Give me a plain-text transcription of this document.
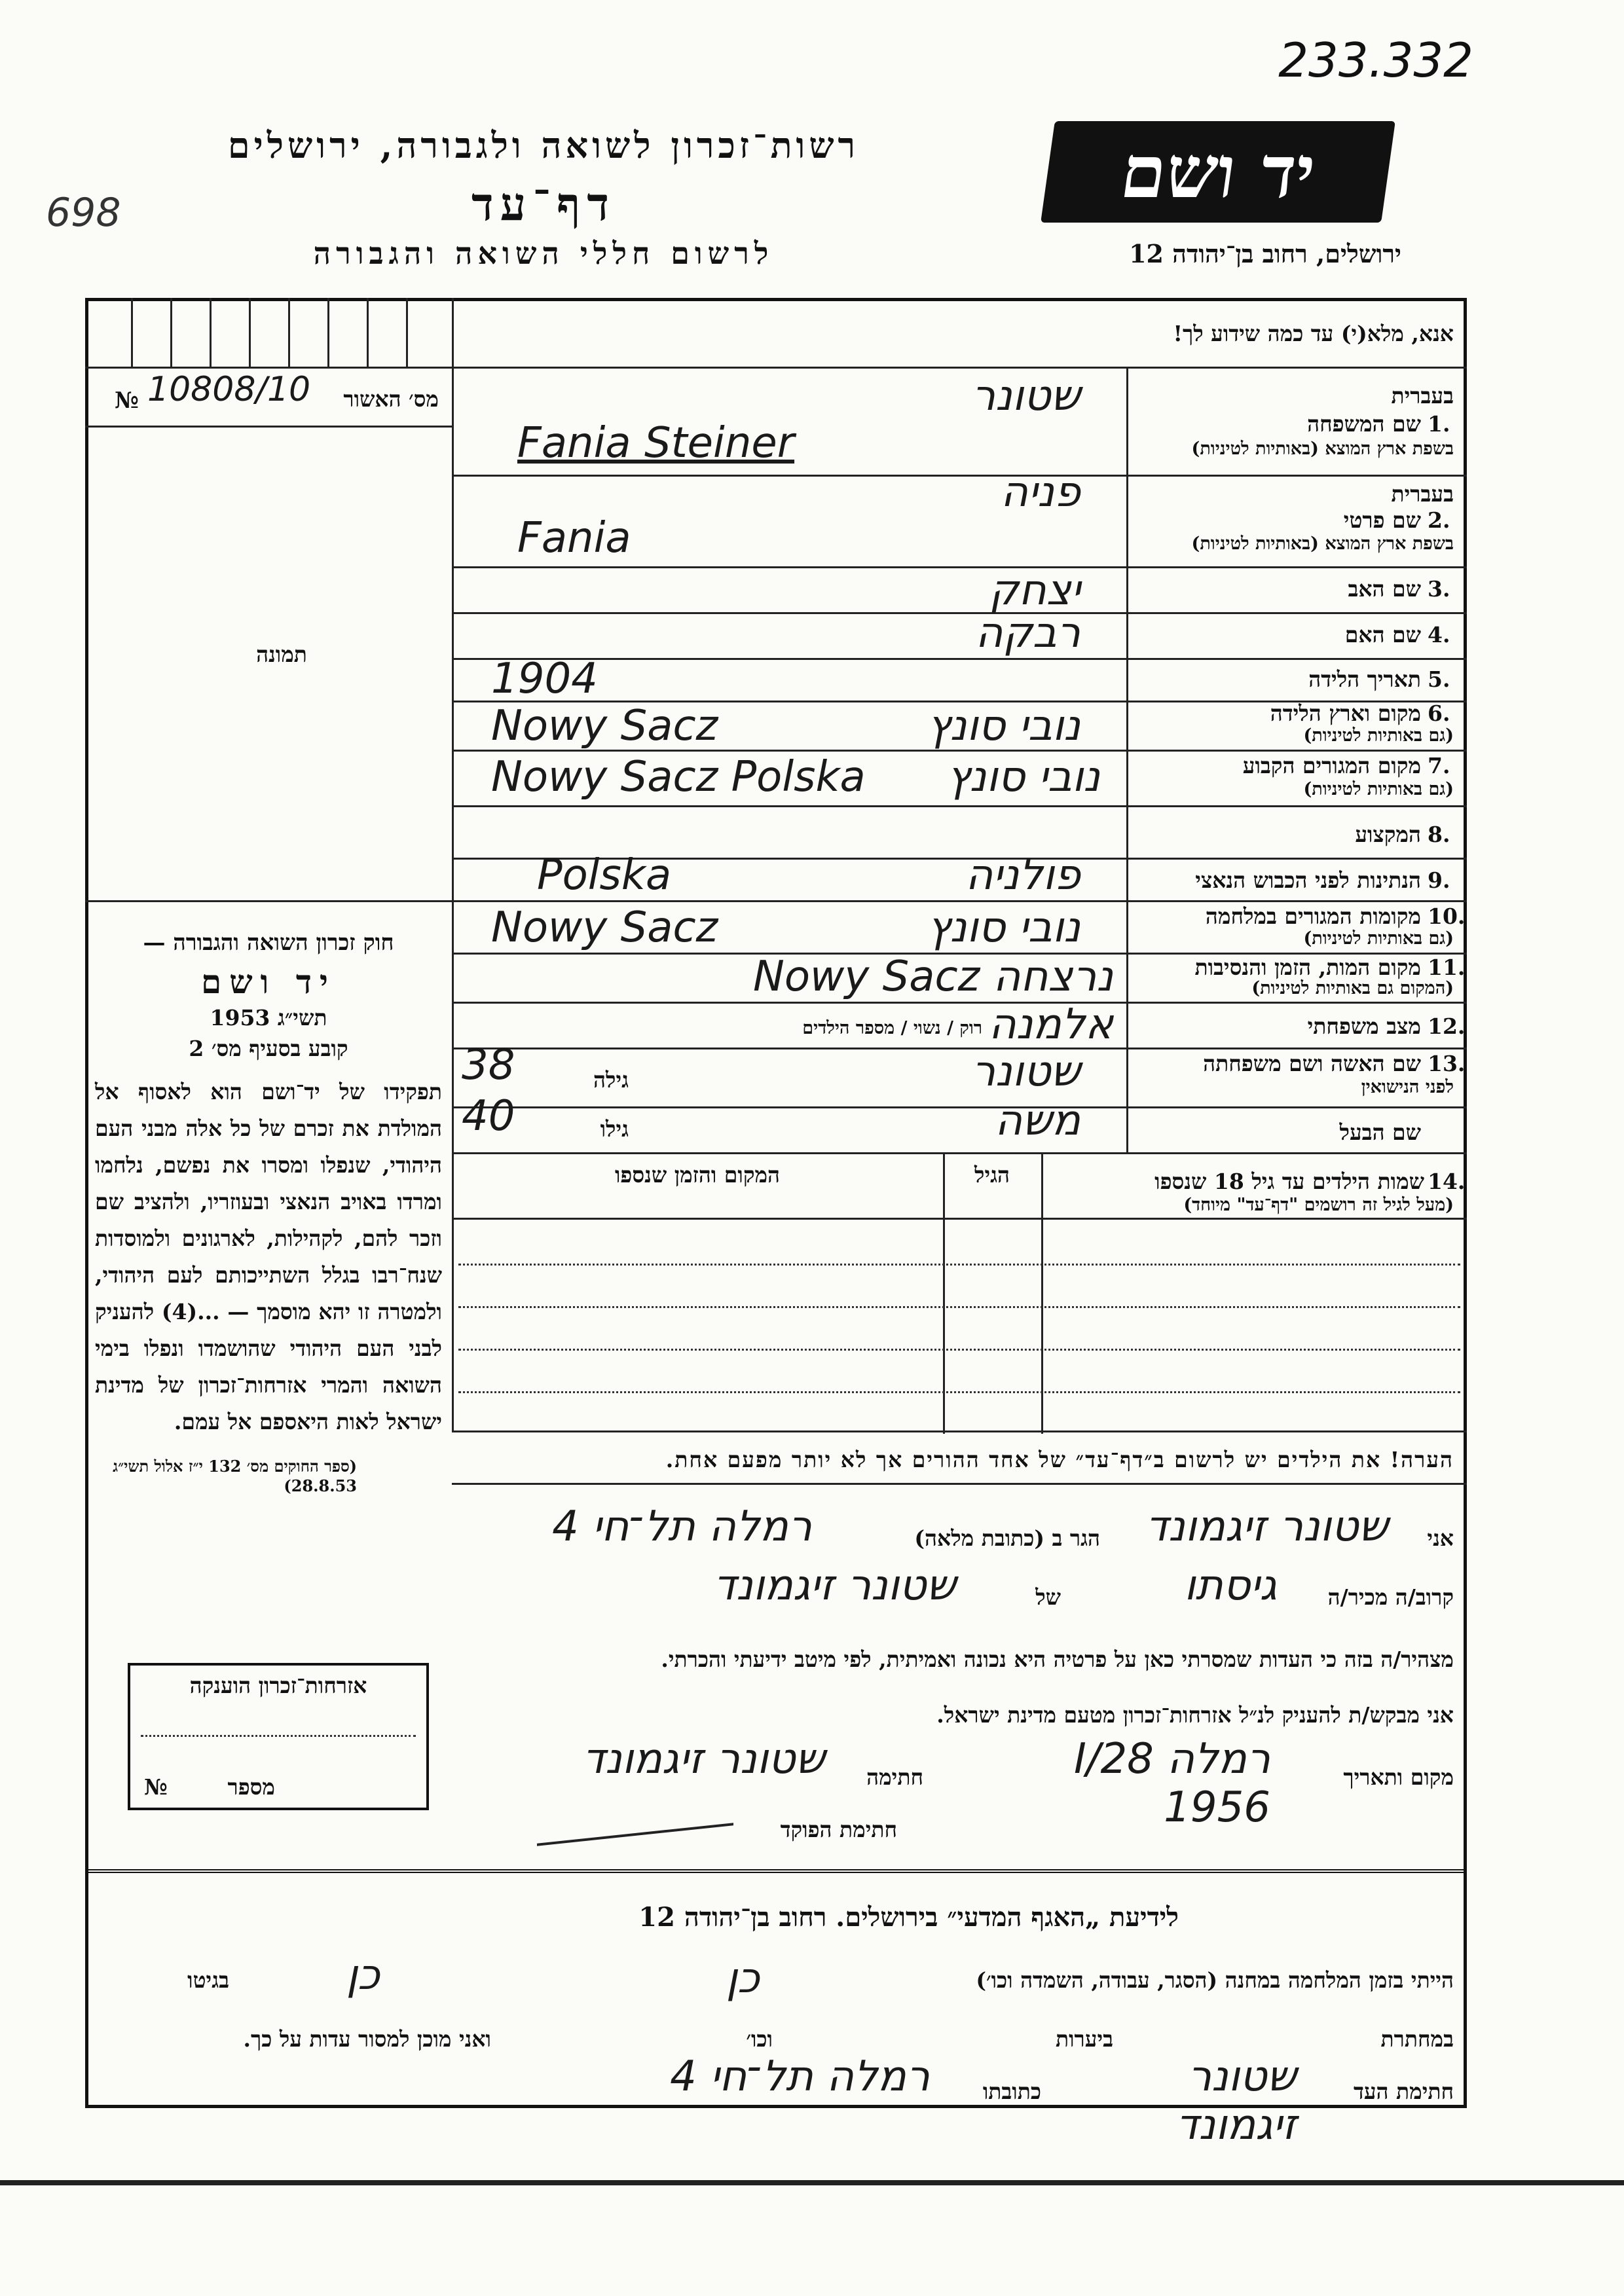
233.332
698	יד ושם
רשות־זכרון לשואה ולגבורה, ירושלים
דף־עד
לרשום חללי השואה והגבורה	ירושלים, רחוב בן־יהודה 12
מס׳ האשור
№ 10808/10
תמונה
חוק זכרון השואה והגבורה —
יד ושם
תשי״ג 1953
קובע בסעיף מס׳ 2
תפקידו של יד־ושם הוא לאסוף אל המולדת את זכרם של כל אלה מבני העם היהודי, שנפלו ומסרו את נפשם, נלחמו ומרדו באויב הנאצי ובעוזריו, ולהציב שם וזכר להם, לקהילות, לארגונים ולמוסדות שנח־רבו בגלל השתייכותם לעם היהודי, ולמטרה זו יהא מוסמך — ...(4) להעניק לבני העם היהודי שהושמדו ונפלו בימי השואה והמרי אזרחות־זכרון של מדינת ישראל לאות היאספם אל עמם.
(ספר החוקים מס׳ 132 י״ז אלול תשי״ג 28.8.53)
אנא, מלא(י) עד כמה שידוע לך!
בעברית
1.
שם המשפחה
בשפת ארץ המוצא (באותיות לטיניות)
שטונר
Fania Steiner
בעברית
2.
שם פרטי
בשפת ארץ המוצא (באותיות לטיניות)
פניה
Fania
3.
שם האב
יצחק
4.
שם האם
רבקה
5.
תאריך הלידה
1904
6.
מקום וארץ הלידה
(גם באותיות לטיניות)
Nowy Sacz	נובי סונץ
7.
מקום המגורים הקבוע
(גם באותיות לטיניות)
Nowy Sacz Polska	נובי סונץ
8.
המקצוע
9.
הנתינות לפני הכבוש הנאצי
Polska	פולניה
10.
מקומות המגורים במלחמה
(גם באותיות לטיניות)
Nowy Sacz	נובי סונץ
11.
מקום המות, הזמן והנסיבות
(המקום גם באותיות לטיניות)
Nowy Sacz נרצחה
12.
מצב משפחתי
רוק / נשוי / מספר הילדים אלמנה
13.
שם האשה ושם משפחתה
לפני הנישואין
גילה
38	שטונר
שם הבעל
גילו
40	משה
14.
שמות הילדים עד גיל 18 שנספו
(מעל לגיל זה רושמים "דף־עד" מיוחד)
הגיל
המקום והזמן שנספו
הערה! את הילדים יש לרשום ב״דף־עד״ של אחד ההורים אך לא יותר מפעם אחת.
אני
שטונר זיגמונד
הגר ב (כתובת מלאה)
רמלה תל־חי 4
קרוב/ה מכיר/ה
גיסתו
של
שטונר זיגמונד
מצהיר/ה בזה כי העדות שמסרתי כאן על פרטיה היא נכונה ואמיתית, לפי מיטב ידיעתי והכרתי.
אני מבקש/ת להעניק לנ״ל אזרחות־זכרון מטעם מדינת ישראל.
מקום ותאריך
רמלה 28/I 1956
חתימה
שטונר זיגמונד
חתימת הפוקד
אזרחות־זכרון הוענקה
מספר
№
לידיעת „האגף המדעי״ בירושלים. רחוב בן־יהודה 12
הייתי בזמן המלחמה במחנה (הסגר, עבודה, השמדה וכו׳)
כן
בגיטו	כן
במחתרת
ביערות
וכו׳
ואני מוכן למסור עדות על כך.
חתימת העד
שטונר זיגמונד
כתובתו
רמלה תל־חי 4
